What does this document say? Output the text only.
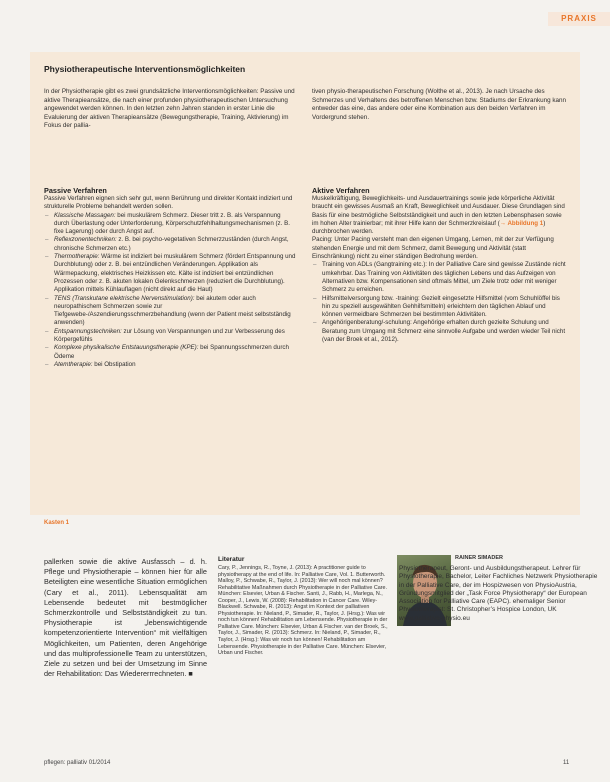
PRAXIS
Physiotherapeutische Interventionsmöglichkeiten
In der Physiotherapie gibt es zwei grundsätzliche Interventionsmöglichkeiten: Passive und aktive Therapieansätze, die nach einer profunden physiotherapeutischen Untersuchung angewendet werden können. In den letzten zehn Jahren standen in erster Linie die Evaluierung der aktiven Therapieansätze (Bewegungstherapie, Training, Aktivierung) im Fokus der pallia-
tiven physio-therapeutischen Forschung (Wolthe et al., 2013). Je nach Ursache des Schmerzes und Verhaltens des betroffenen Menschen bzw. Stadiums der Erkrankung kann entweder das eine, das andere oder eine Kombination aus den beiden Verfahren im Vordergrund stehen.
Passive Verfahren

Passive Verfahren eignen sich sehr gut, wenn Berührung und direkter Kontakt indiziert und strukturelle Probleme behandelt werden sollen.

– Klassische Massagen: bei muskulärem Schmerz. Dieser tritt z. B. als Verspannung durch Überlastung oder Unterforderung, Körperschutzfehlhaltungsmechanismen (z. B. fixe Lagerung) oder durch Angst auf.
– Reflexzonentechniken: z. B. bei psycho-vegetativen Schmerzzuständen (durch Angst, chronische Schmerzen etc.)
– Thermotherapie: Wärme ist indiziert bei muskulärem Schmerz (fördert Entspannung und Durchblutung) oder z. B. bei entzündlichen Veränderungen. Applikation als Wärmepackung, elektrisches Heizkissen etc. Kälte ist indiziert bei entzündlichen Prozessen oder z. B. akuten lokalen Gelenkschmerzen (reduziert die Durchblutung). Applikation mittels Kühlauflagen (nicht direkt auf die Haut)
– TENS (Transkutane elektrische Nervenstimulation): bei akutem oder auch neuropathischem Schmerzen sowie zur Tiefgewebe-/Aszendierungsschmerzbehandlung (wenn der Patient meist selbstständig anwenden)
– Entspannungstechniken: zur Lösung von Verspannungen und zur Verbesserung des Körpergefühls
– Komplexe physikalische Entstauungstherapie (KPE): bei Spannungsschmerzen durch Ödeme
– Atemtherapie: bei Obstipation
Aktive Verfahren

Muskelkräftigung, Beweglichkeits- und Ausdauertrainings sowie jede körperliche Aktivität braucht ein gewisses Ausmaß an Kraft, Beweglichkeit und Ausdauer. Diese Grundlagen sind Basis für eine bestmögliche Selbstständigkeit und auch in den letzten Lebensphasen sowie im hohen Alter trainierbar; mit ihrer Hilfe kann der Schmerzkreislauf (→ Abbildung 1) durchbrochen werden.

Pacing: Unter Pacing versteht man den eigenen Umgang, Lernen, mit der zur Verfügung stehenden Energie und mit dem Schmerz, damit Bewegung und Aktivität (statt Einschränkung) nicht zu einer ständigen Bedrohung werden.

– Training von ADLs (Gangtraining etc.): In der Palliative Care sind gewisse Zustände nicht umkehrbar. Das Training von Aktivitäten des täglichen Lebens und das Aufzeigen von Alternativen bzw. Kompensationen sind oftmals Mittel, um Ziele trotz oder mit weniger Schmerz zu erreichen.
– Hilfsmittelversorgung bzw. -training: Gezielt eingesetzte Hilfsmittel (vom Schuhlöffel bis hin zu speziell ausgewählten Gehhilfsmitteln) erleichtern den täglichen Ablauf und können vermeidbare Schmerzen bei bestimmten Aktivitäten.
– Angehörigenberatung/-schulung: Angehörige erhalten durch gezielte Schulung und Beratung zum Umgang mit Schmerz eine sinnvolle Aufgabe und werden wieder Teil nicht (van der Broek et al., 2012).
Kasten 1
pallerken sowie die aktive Ausfassch – d. h. Pflege und Physiotherapie – können hier für alle Beteiligten eine wesentliche Situation ermöglichen (Cary et al., 2011). Lebensqualität am Lebensende bedeutet mit bestmöglicher Schmerzkontrolle und Selbstständigkeit zu tun. Physiotherapie ist „lebenswichtigende kompetenzorientierte Intervention“ mit vielfältigen Möglichkeiten, um Patienten, deren Angehörige und das multiprofessionelle Team zu unterstützen, Ziele zu setzen und bei der Umsetzung im Sinne der Rehabilitation: Das Wiedererrrechneten. ■
Literatur
Cary, P., Jennings, R., Toyne, J. (2013): A practitioner guide to physiotherapy at the end of life. In: Palliative Care, Vol. 1. Butterworth. Malloy, P., Schwabe, R., Taylor, J. (2013): Wer will noch mal können? Rehabilitative Maßnahmen durch Physiotherapie in der Palliative Care. München: Elsevier, Urban & Fischer. Santi, J., Rabb, H., Marlega, N., Cooper, J., Lewis, W. (2008): Rehabilitation in Cancer Care. Wiley-Blackwell. Schwabe, R. (2013): Angst im Kontext der palliativen Physiotherapie. In: Nieland, P., Simader, R., Taylor, J. (Hrsg.): Was wir noch tun können! Rehabilitation am Lebensende. Physiotherapie in der Palliative Care. München: Elsevier, Urban & Fischer. van der Broek, S., Taylor, J., Simader, R. (2013): Schmerz. In: Nieland, P., Simader, R., Taylor, J. (Hrsg.): Was wir noch tun können! Rehabilitation am Lebensende. Physiotherapie in der Palliative Care. München: Elsevier, Urban und Fischer.
RAINER SIMADER
Physiotherapeut, Geront- und Ausbildungstherapeut. Lehrer für Physiotherapie, Bachelor, Leiter Fachliches Netzwerk Physiotherapie in der Palliative Care, der im Hospizwesen von PhysioAustria, Gründungsmitglied der „Task Force Physiotherapy“ der European Association for Palliative Care (EAPC). ehemaliger Senior Physiotherapist: St. Christopher’s Hospice London, UK www.palliative-physio.eu
pflegen: palliativ 01/2014	11
